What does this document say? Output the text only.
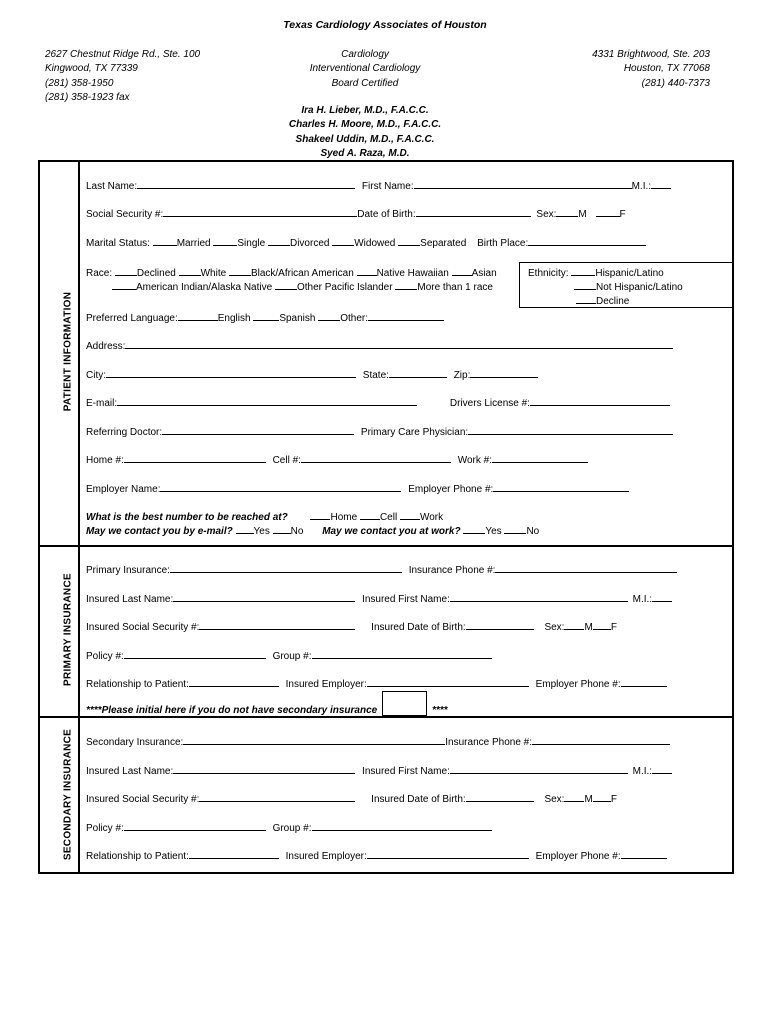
Texas Cardiology Associates of Houston
2627 Chestnut Ridge Rd., Ste. 100
Kingwood, TX 77339
(281) 358-1950
(281) 358-1923 fax
Cardiology
Interventional Cardiology
Board Certified
4331 Brightwood, Ste. 203
Houston, TX 77068
(281) 440-7373
Ira H. Lieber, M.D., F.A.C.C.
Charles H. Moore, M.D., F.A.C.C.
Shakeel Uddin, M.D., F.A.C.C.
Syed A. Raza, M.D.
PATIENT INFORMATION
PRIMARY INSURANCE
SECONDARY INSURANCE
Last Name:	First Name:	M.I.:
Social Security #:	Date of Birth:	Sex: M	F
Marital Status:	Married	Single Divorced Widowed Separated Birth Place:
Race: Declined White Black/African American Native Hawaiian Asian
American Indian/Alaska Native Other Pacific Islander More than 1 race
Ethnicity:	Hispanic/Latino
Not Hispanic/Latino
Decline
Preferred Language:	English	Spanish Other:
Address:
City:	State:	Zip:
E-mail:	Drivers License #:
Referring Doctor:	Primary Care Physician:
Home #:	Cell #:	Work #:
Employer Name:	Employer Phone #:
What is the best number to be reached at?	Home Cell Work
May we contact you by e-mail? Yes No May we contact you at work? Yes No
Primary Insurance:	Insurance Phone #:
Insured Last Name:	Insured First Name:	M.I.:
Insured Social Security #:	Insured Date of Birth:	Sex: M F
Policy #:	Group #:
Relationship to Patient:	Insured Employer:	Employer Phone #:
****Please initial here if you do not have secondary insurance	****
Secondary Insurance:	Insurance Phone #:
Insured Last Name:	Insured First Name:	M.I.:
Insured Social Security #:	Insured Date of Birth:	Sex: M F
Policy #:	Group #:
Relationship to Patient:	Insured Employer:	Employer Phone #:
